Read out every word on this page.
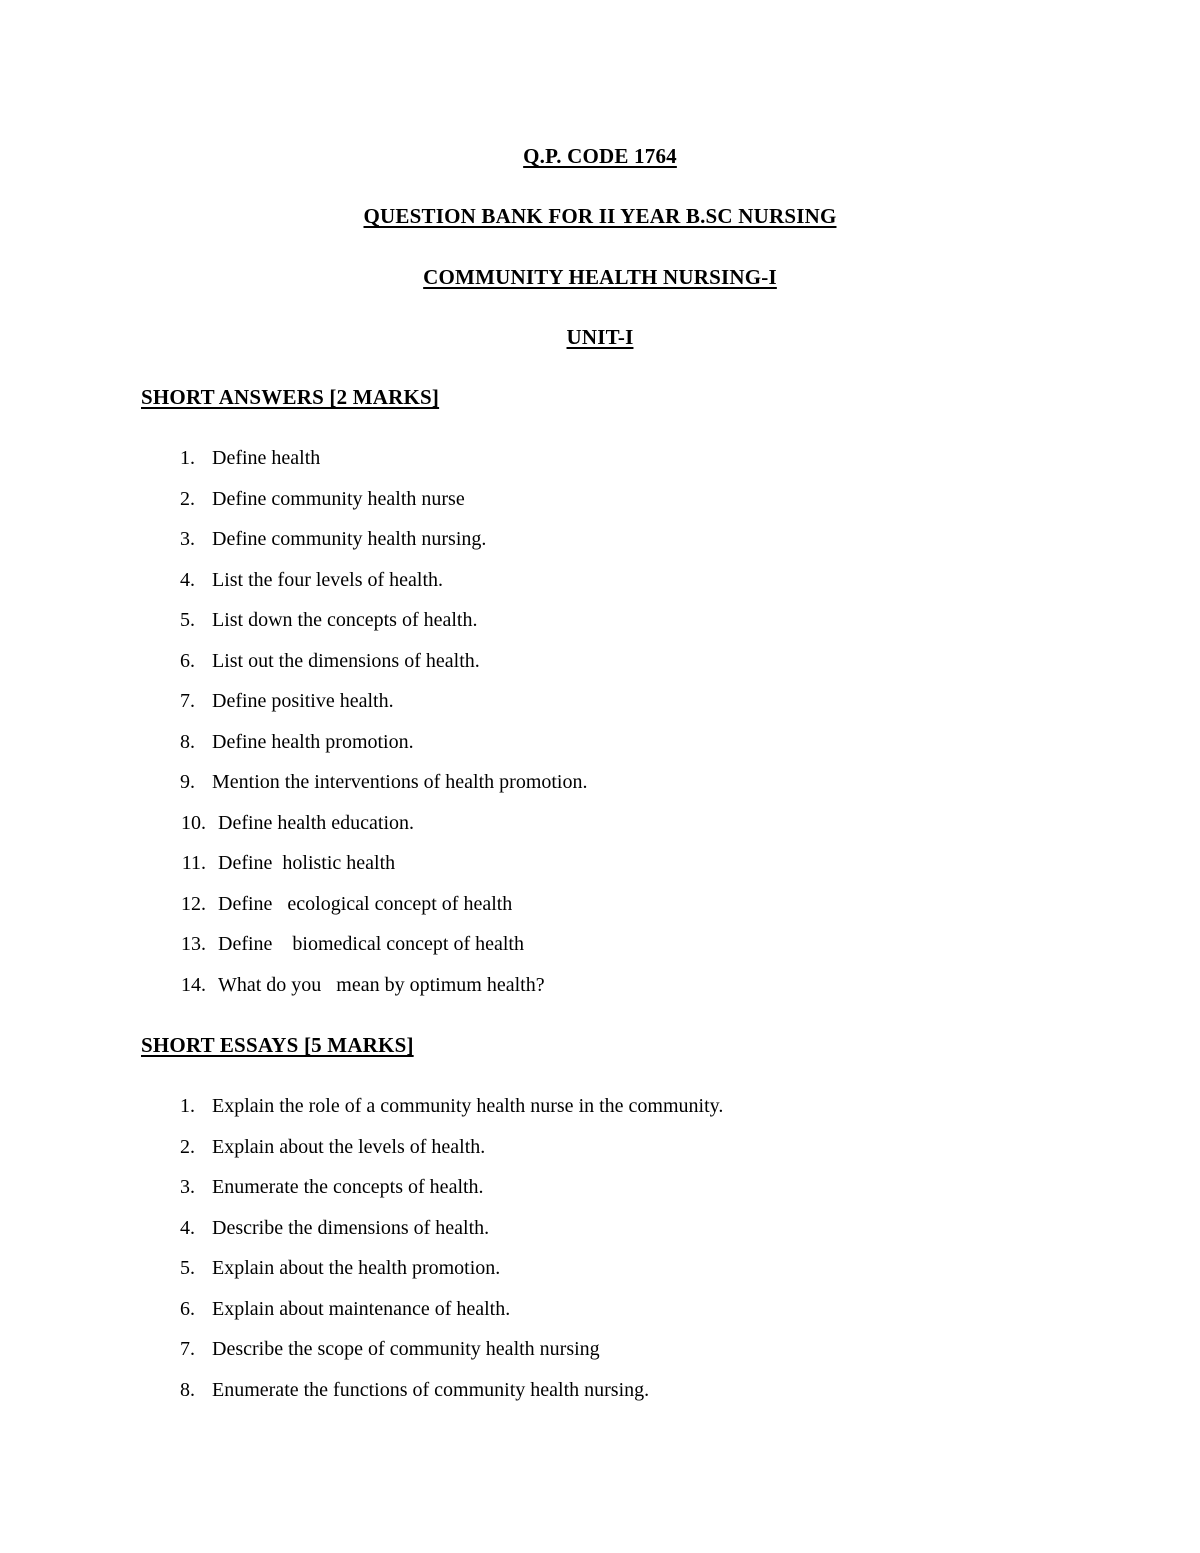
Q.P. CODE 1764
QUESTION BANK FOR II YEAR B.SC NURSING
COMMUNITY HEALTH NURSING-I
UNIT-I
SHORT ANSWERS [2 MARKS]
1. Define health
2. Define community health nurse
3. Define community health nursing.
4. List the four levels of health.
5. List down the concepts of health.
6. List out the dimensions of health.
7. Define positive health.
8. Define health promotion.
9. Mention the interventions of health promotion.
10. Define health education.
11. Define  holistic health
12. Define   ecological concept of health
13. Define    biomedical concept of health
14. What do you   mean by optimum health?
SHORT ESSAYS [5 MARKS]
1. Explain the role of a community health nurse in the community.
2. Explain about the levels of health.
3. Enumerate the concepts of health.
4. Describe the dimensions of health.
5. Explain about the health promotion.
6. Explain about maintenance of health.
7. Describe the scope of community health nursing
8. Enumerate the functions of community health nursing.
